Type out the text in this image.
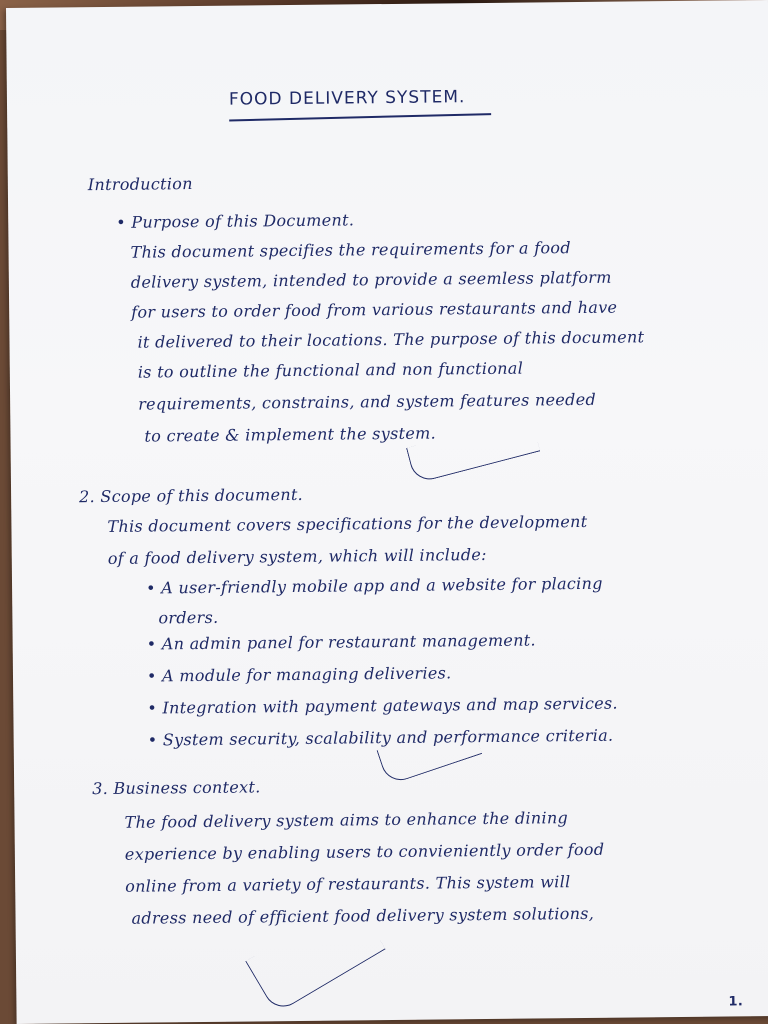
FOOD DELIVERY SYSTEM.
Introduction
• Purpose of this Document.
This document specifies the requirements for a food
delivery system, intended to provide a seemless platform
for users to order food from various restaurants and have
it delivered to their locations. The purpose of this document
is to outline the functional and non functional
requirements, constrains, and system features needed
to create & implement the system.
2. Scope of this document.
This document covers specifications for the development
of a food delivery system, which will include:
• A user-friendly mobile app and a website for placing
orders.
• An admin panel for restaurant management.
• A module for managing deliveries.
• Integration with payment gateways and map services.
• System security, scalability and performance criteria.
3. Business context.
The food delivery system aims to enhance the dining
experience by enabling users to convieniently order food
online from a variety of restaurants. This system will
adress need of efficient food delivery system solutions,
1.
